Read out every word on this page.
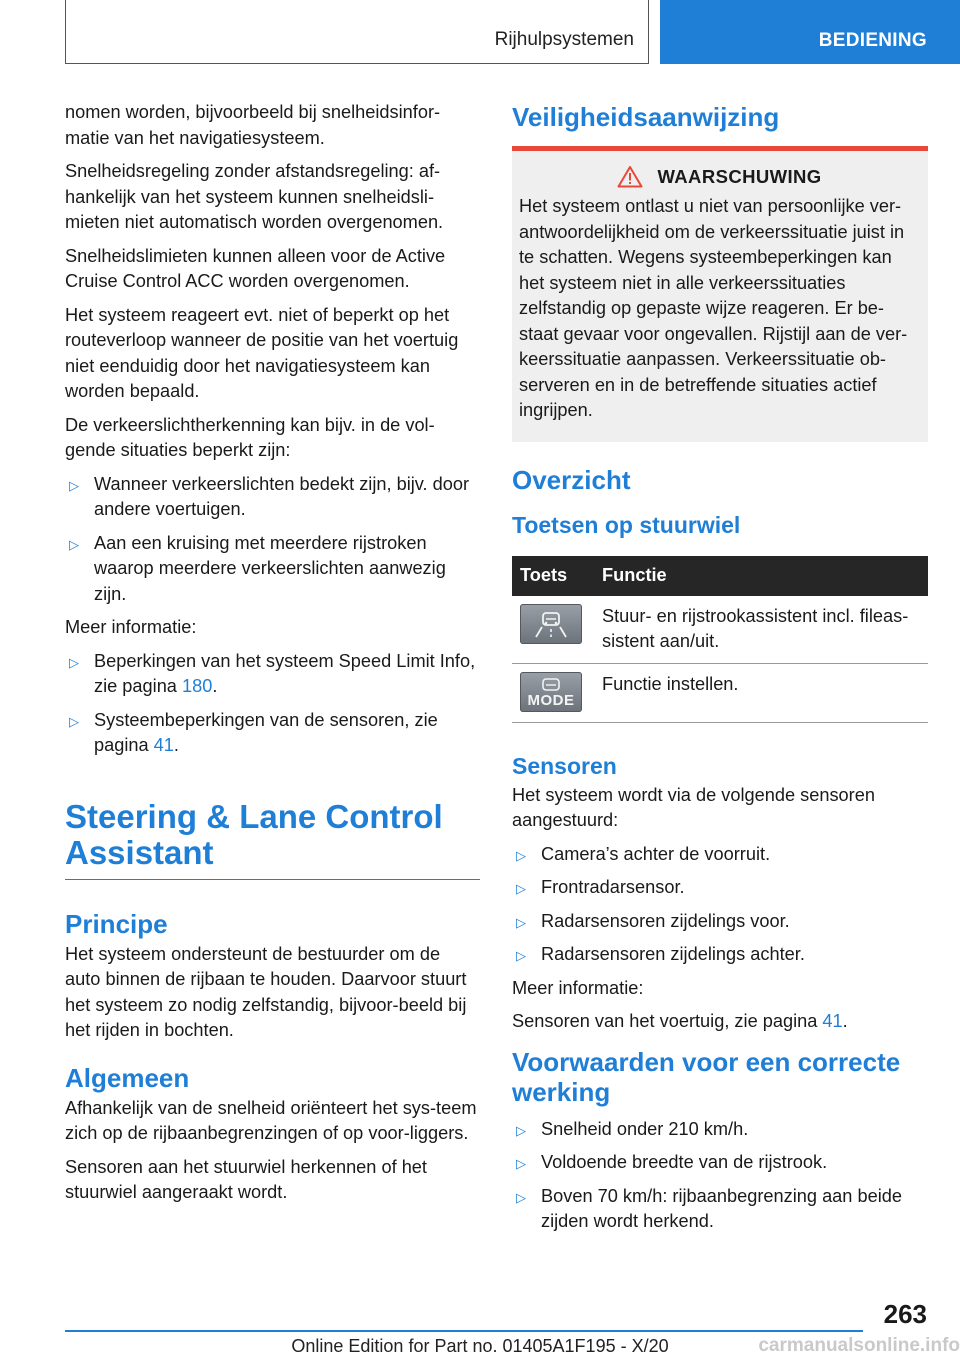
Rijhulpsystemen	BEDIENING

nomen worden, bijvoorbeeld bij snelheidsinfor-matie van het navigatiesysteem.

Snelheidsregeling zonder afstandsregeling: af-hankelijk van het systeem kunnen snelheidsli-mieten niet automatisch worden overgenomen.

Snelheidslimieten kunnen alleen voor de Active Cruise Control ACC worden overgenomen.

Het systeem reageert evt. niet of beperkt op het routeverloop wanneer de positie van het voertuig niet eenduidig door het navigatiesysteem kan worden bepaald.

De verkeerslichtherkenning kan bijv. in de vol-gende situaties beperkt zijn:

▷ Wanneer verkeerslichten bedekt zijn, bijv. door andere voertuigen.
▷ Aan een kruising met meerdere rijstroken waarop meerdere verkeerslichten aanwezig zijn.

Meer informatie:

▷ Beperkingen van het systeem Speed Limit Info, zie pagina 180.
▷ Systeembeperkingen van de sensoren, zie pagina 41.
Steering & Lane Control Assistant
Principe

Het systeem ondersteunt de bestuurder om de auto binnen de rijbaan te houden. Daarvoor stuurt het systeem zo nodig zelfstandig, bijvoor-beeld bij het rijden in bochten.

Algemeen

Afhankelijk van de snelheid oriënteert het sys-teem zich op de rijbaanbegrenzingen of op voor-liggers.

Sensoren aan het stuurwiel herkennen of het stuurwiel aangeraakt wordt.

Veiligheidsaanwijzing
WAARSCHUWING

Het systeem ontlast u niet van persoonlijke ver-antwoordelijkheid om de verkeerssituatie juist in te schatten. Wegens systeembeperkingen kan het systeem niet in alle verkeerssituaties zelfstandig op gepaste wijze reageren. Er be-staat gevaar voor ongevallen. Rijstijl aan de ver-keerssituatie aanpassen. Verkeerssituatie ob-serveren en in de betreffende situaties actief ingrijpen.

Overzicht
Toetsen op stuurwiel
Toets	Functie

	Stuur- en rijstrookassistent incl. fileas-sistent aan/uit.

MODE	Functie instellen.
Sensoren

Het systeem wordt via de volgende sensoren aangestuurd:

▷ Camera’s achter de voorruit.
▷ Frontradarsensor.
▷ Radarsensoren zijdelings voor.
▷ Radarsensoren zijdelings achter.

Meer informatie:

Sensoren van het voertuig, zie pagina 41.

Voorwaarden voor een correcte werking
▷ Snelheid onder 210 km/h.
▷ Voldoende breedte van de rijstrook.
▷ Boven 70 km/h: rijbaanbegrenzing aan beide zijden wordt herkend.
263
Online Edition for Part no. 01405A1F195 - X/20	carmanualsonline.info
